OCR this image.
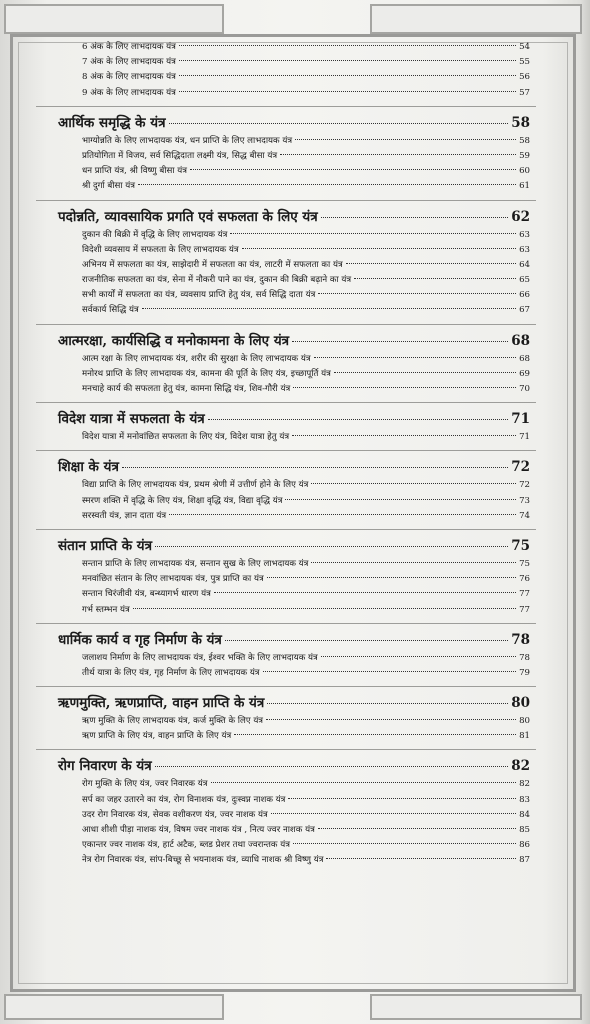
6 अंक के लिए लाभदायक यंत्र	54
7 अंक के लिए लाभदायक यंत्र	55
8 अंक के लिए लाभदायक यंत्र	56
9 अंक के लिए लाभदायक यंत्र	57
आर्थिक समृद्धि के यंत्र	58
भाग्योन्नति के लिए लाभदायक यंत्र, धन प्राप्ति के लिए लाभदायक यंत्र	58
प्रतियोगिता में विजय, सर्व सिद्धिदाता लक्ष्मी यंत्र, सिद्ध बीसा यंत्र	59
धन प्राप्ति यंत्र, श्री विष्णु बीसा यंत्र	60
श्री दुर्गा बीसा यंत्र	61
पदोन्नति, व्यावसायिक प्रगति एवं सफलता के लिए यंत्र	62
दुकान की बिक्री में वृद्धि के लिए लाभदायक यंत्र	63
विदेशी व्यवसाय में सफलता के लिए लाभदायक यंत्र	63
अभिनय में सफलता का यंत्र, साझेदारी में सफलता का यंत्र, लाटरी में सफलता का यंत्र	64
राजनीतिक सफलता का यंत्र, सेना में नौकरी पाने का यंत्र, दुकान की बिक्री बढ़ाने का यंत्र	65
सभी कार्यों में सफलता का यंत्र, व्यवसाय प्राप्ति हेतु यंत्र, सर्व सिद्धि दाता यंत्र	66
सर्वकार्य सिद्धि यंत्र	67
आत्मरक्षा, कार्यसिद्धि व मनोकामना के लिए यंत्र	68
आत्म रक्षा के लिए लाभदायक यंत्र, शरीर की सुरक्षा के लिए लाभदायक यंत्र	68
मनोरथ प्राप्ति के लिए लाभदायक यंत्र, कामना की पूर्ति के लिए यंत्र, इच्छापूर्ति यंत्र	69
मनचाहे कार्य की सफलता हेतु यंत्र, कामना सिद्धि यंत्र, शिव-गौरी यंत्र	70
विदेश यात्रा में सफलता के यंत्र	71
विदेश यात्रा में मनोवांछित सफलता के लिए यंत्र, विदेश यात्रा हेतु यंत्र	71
शिक्षा के यंत्र	72
विद्या प्राप्ति के लिए लाभदायक यंत्र, प्रथम श्रेणी में उत्तीर्ण होने के लिए यंत्र	72
स्मरण शक्ति में वृद्धि के लिए यंत्र, शिक्षा वृद्धि यंत्र, विद्या वृद्धि यंत्र	73
सरस्वती यंत्र, ज्ञान दाता यंत्र	74
संतान प्राप्ति के यंत्र	75
सन्तान प्राप्ति के लिए लाभदायक यंत्र, सन्तान सुख के लिए लाभदायक यंत्र	75
मनवांछित संतान के लिए लाभदायक यंत्र, पुत्र प्राप्ति का यंत्र	76
सन्तान चिरंजीवी यंत्र, बन्ध्यागर्भ धारण यंत्र	77
गर्भ स्तम्भन यंत्र	77
धार्मिक कार्य व गृह निर्माण के यंत्र	78
जलाशय निर्माण के लिए लाभदायक यंत्र, ईश्वर भक्ति के लिए लाभदायक यंत्र	78
तीर्थ यात्रा के लिए यंत्र, गृह निर्माण के लिए लाभदायक यंत्र	79
ऋणमुक्ति, ऋणप्राप्ति, वाहन प्राप्ति के यंत्र	80
ऋण मुक्ति के लिए लाभदायक यंत्र, कर्ज मुक्ति के लिए यंत्र	80
ऋण प्राप्ति के लिए यंत्र, वाहन प्राप्ति के लिए यंत्र	81
रोग निवारण के यंत्र	82
रोग मुक्ति के लिए यंत्र, ज्वर निवारक यंत्र	82
सर्प का जहर उतारने का यंत्र, रोग विनाशक यंत्र, दुःस्वप्न नाशक यंत्र	83
उदर रोग निवारक यंत्र, सेवक वशीकरण यंत्र, ज्वर नाशक यंत्र	84
आधा शीशी पीड़ा नाशक यंत्र, विषम ज्वर नाशक यंत्र , नित्य ज्वर नाशक यंत्र	85
एकान्तर ज्वर नाशक यंत्र, हार्ट अटैक, ब्लड प्रेशर तथा ज्वरान्तक यंत्र	86
नेत्र रोग निवारक यंत्र, सांप-बिच्छू से भयनाशक यंत्र, व्याधि नाशक श्री विष्णु यंत्र	87
